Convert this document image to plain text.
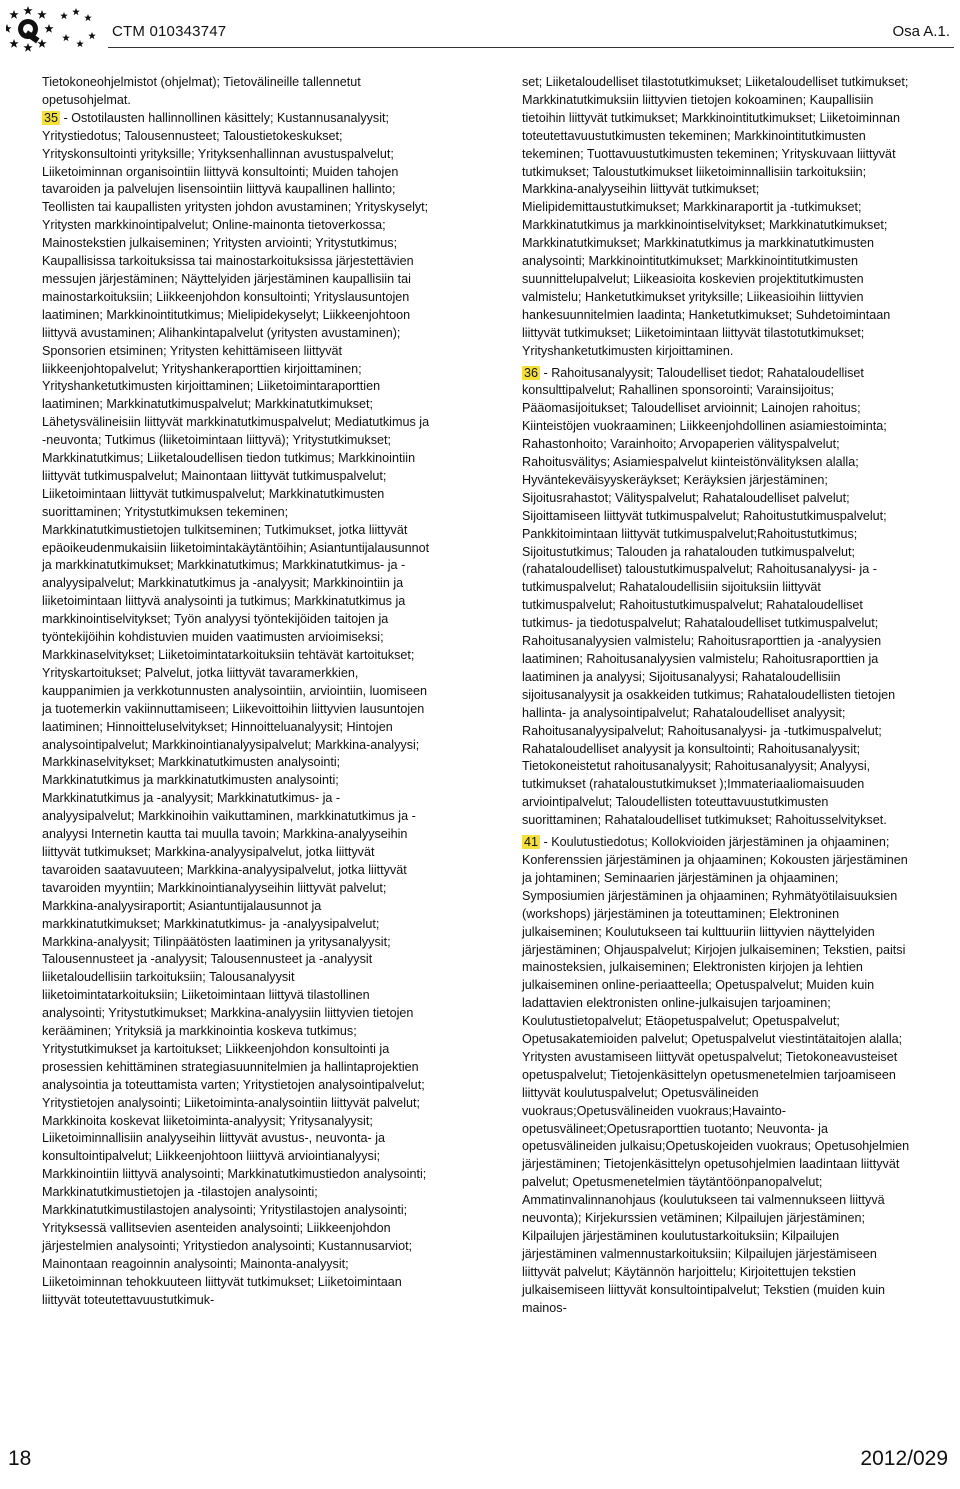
CTM 010343747	Osa A.1.

Tietokoneohjelmistot (ohjelmat); Tietovälineille tallennetut opetusohjelmat.

35 - Ostotilausten hallinnollinen käsittely; Kustannusanalyysit; Yritystiedotus; Talousennusteet; Taloustietokeskukset; Yrityskonsultointi yrityksille; Yrityksenhallinnan avustuspalvelut; Liiketoiminnan organisointiin liittyvä konsultointi; Muiden tahojen tavaroiden ja palvelujen lisensointiin liittyvä kaupallinen hallinto; Teollisten tai kaupallisten yritysten johdon avustaminen; Yrityskyselyt; Yritysten markkinointipalvelut; Online-mainonta tietoverkossa; Mainostekstien julkaiseminen; Yritysten arviointi; Yritystutkimus; Kaupallisissa tarkoituksissa tai mainostarkoituksissa järjestettävien messujen järjestäminen; Näyttelyiden järjestäminen kaupallisiin tai mainostarkoituksiin; Liikkeenjohdon konsultointi; Yrityslausuntojen laatiminen; Markkinointitutkimus; Mielipidekyselyt; Liikkeenjohtoon liittyvä avustaminen; Alihankintapalvelut (yritysten avustaminen); Sponsorien etsiminen; Yritysten kehittämiseen liittyvät liikkeenjohtopalvelut; Yrityshankeraporttien kirjoittaminen; Yrityshanketutkimusten kirjoittaminen; Liiketoimintaraporttien laatiminen; Markkinatutkimuspalvelut; Markkinatutkimukset; Lähetysvälineisiin liittyvät markkinatutkimuspalvelut; Mediatutkimus ja -neuvonta; Tutkimus (liiketoimintaan liittyvä); Yritystutkimukset; Markkinatutkimus; Liiketaloudellisen tiedon tutkimus; Markkinointiin liittyvät tutkimuspalvelut; Mainontaan liittyvät tutkimuspalvelut; Liiketoimintaan liittyvät tutkimuspalvelut; Markkinatutkimusten suorittaminen; Yritystutkimuksen tekeminen; Markkinatutkimustietojen tulkitseminen; Tutkimukset, jotka liittyvät epäoikeudenmukaisiin liiketoimintakäytäntöihin; Asiantuntijalausunnot ja markkinatutkimukset; Markkinatutkimus; Markkinatutkimus- ja -analyysipalvelut; Markkinatutkimus ja -analyysit; Markkinointiin ja liiketoimintaan liittyvä analysointi ja tutkimus; Markkinatutkimus ja markkinointiselvitykset; Työn analyysi työntekijöiden taitojen ja työntekijöihin kohdistuvien muiden vaatimusten arvioimiseksi; Markkinaselvitykset; Liiketoimintatarkoituksiin tehtävät kartoitukset; Yrityskartoitukset; Palvelut, jotka liittyvät tavaramerkkien, kauppanimien ja verkkotunnusten analysointiin, arviointiin, luomiseen ja tuotemerkin vakiinnuttamiseen; Liikevoittoihin liittyvien lausuntojen laatiminen; Hinnoitteluselvitykset; Hinnoitteluanalyysit; Hintojen analysointipalvelut; Markkinointianalyysipalvelut; Markkina-analyysi; Markkinaselvitykset; Markkinatutkimusten analysointi; Markkinatutkimus ja markkinatutkimusten analysointi; Markkinatutkimus ja -analyysit; Markkinatutkimus- ja -analyysipalvelut; Markkinoihin vaikuttaminen, markkinatutkimus ja -analyysi Internetin kautta tai muulla tavoin; Markkina-analyyseihin liittyvät tutkimukset; Markkina-analyysipalvelut, jotka liittyvät tavaroiden saatavuuteen; Markkina-analyysipalvelut, jotka liittyvät tavaroiden myyntiin; Markkinointianalyyseihin liittyvät palvelut; Markkina-analyysiraportit; Asiantuntijalausunnot ja markkinatutkimukset; Markkinatutkimus- ja -analyysipalvelut; Markkina-analyysit; Tilinpäätösten laatiminen ja yritysanalyysit; Talousennusteet ja -analyysit; Talousennusteet ja -analyysit liiketaloudellisiin tarkoituksiin; Talousanalyysit liiketoimintatarkoituksiin; Liiketoimintaan liittyvä tilastollinen analysointi; Yritystutkimukset; Markkina-analyysiin liittyvien tietojen kerääminen; Yrityksiä ja markkinointia koskeva tutkimus; Yritystutkimukset ja kartoitukset; Liikkeenjohdon konsultointi ja prosessien kehittäminen strategiasuunnitelmien ja hallintaprojektien analysointia ja toteuttamista varten; Yritystietojen analysointipalvelut; Yritystietojen analysointi; Liiketoiminta-analysointiin liittyvät palvelut; Markkinoita koskevat liiketoiminta-analyysit; Yritysanalyysit; Liiketoiminnallisiin analyyseihin liittyvät avustus-, neuvonta- ja konsultointipalvelut; Liikkeenjohtoon liiittyvä arviointianalyysi; Markkinointiin liittyvä analysointi; Markkinatutkimustiedon analysointi; Markkinatutkimustietojen ja -tilastojen analysointi; Markkinatutkimustilastojen analysointi; Yritystilastojen analysointi; Yrityksessä vallitsevien asenteiden analysointi; Liikkeenjohdon järjestelmien analysointi; Yritystiedon analysointi; Kustannusarviot; Mainontaan reagoinnin analysointi; Mainonta-analyysit; Liiketoiminnan tehokkuuteen liittyvät tutkimukset; Liiketoimintaan liittyvät toteutettavuustutkimuk-

set; Liiketaloudelliset tilastotutkimukset; Liiketaloudelliset tutkimukset; Markkinatutkimuksiin liittyvien tietojen kokoaminen; Kaupallisiin tietoihin liittyvät tutkimukset; Markkinointitutkimukset; Liiketoiminnan toteutettavuustutkimusten tekeminen; Markkinointitutkimusten tekeminen; Tuottavuustutkimusten tekeminen; Yrityskuvaan liittyvät tutkimukset; Taloustutkimukset liiketoiminnallisiin tarkoituksiin; Markkina-analyyseihin liittyvät tutkimukset; Mielipidemittaustutkimukset; Markkinaraportit ja -tutkimukset; Markkinatutkimus ja markkinointiselvitykset; Markkinatutkimukset; Markkinatutkimukset; Markkinatutkimus ja markkinatutkimusten analysointi; Markkinointitutkimukset; Markkinointitutkimusten suunnittelupalvelut; Liikeasioita koskevien projektitutkimusten valmistelu; Hanketutkimukset yrityksille; Liikeasioihin liittyvien hankesuunnitelmien laadinta; Hanketutkimukset; Suhdetoimintaan liittyvät tutkimukset; Liiketoimintaan liittyvät tilastotutkimukset; Yrityshanketutkimusten kirjoittaminen.

36 - Rahoitusanalyysit; Taloudelliset tiedot; Rahataloudelliset konsulttipalvelut; Rahallinen sponsorointi; Varainsijoitus; Pääomasijoitukset; Taloudelliset arvioinnit; Lainojen rahoitus; Kiinteistöjen vuokraaminen; Liikkeenjohdollinen asiamiestoiminta; Rahastonhoito; Varainhoito; Arvopaperien välityspalvelut; Rahoitusvälitys; Asiamiespalvelut kiinteistönvälityksen alalla; Hyväntekeväisyyskeräykset; Keräyksien järjestäminen; Sijoitusrahastot; Välityspalvelut; Rahataloudelliset palvelut; Sijoittamiseen liittyvät tutkimuspalvelut; Rahoitustutkimuspalvelut; Pankkitoimintaan liittyvät tutkimuspalvelut;Rahoitustutkimus; Sijoitustutkimus; Talouden ja rahatalouden tutkimuspalvelut; (rahataloudelliset) taloustutkimuspalvelut; Rahoitusanalyysi- ja -tutkimuspalvelut; Rahataloudellisiin sijoituksiin liittyvät tutkimuspalvelut; Rahoitustutkimuspalvelut; Rahataloudelliset tutkimus- ja tiedotuspalvelut; Rahataloudelliset tutkimuspalvelut; Rahoitusanalyysien valmistelu; Rahoitusraporttien ja -analyysien laatiminen; Rahoitusanalyysien valmistelu; Rahoitusraporttien ja laatiminen ja analyysi; Sijoitusanalyysi; Rahataloudellisiin sijoitusanalyysit ja osakkeiden tutkimus; Rahataloudellisten tietojen hallinta- ja analysointipalvelut; Rahataloudelliset analyysit; Rahoitusanalyysipalvelut; Rahoitusanalyysi- ja -tutkimuspalvelut; Rahataloudelliset analyysit ja konsultointi; Rahoitusanalyysit; Tietokoneistetut rahoitusanalyysit; Rahoitusanalyysit; Analyysi, tutkimukset (rahataloustutkimukset );Immateriaaliomaisuuden arviointipalvelut; Taloudellisten toteuttavuustutkimusten suorittaminen; Rahataloudelliset tutkimukset; Rahoitusselvitykset.

41 - Koulutustiedotus; Kollokvioiden järjestäminen ja ohjaaminen; Konferenssien järjestäminen ja ohjaaminen; Kokousten järjestäminen ja johtaminen; Seminaarien järjestäminen ja ohjaaminen; Symposiumien järjestäminen ja ohjaaminen; Ryhmätyötilaisuuksien (workshops) järjestäminen ja toteuttaminen; Elektroninen julkaiseminen; Koulutukseen tai kulttuuriin liittyvien näyttelyiden järjestäminen; Ohjauspalvelut; Kirjojen julkaiseminen; Tekstien, paitsi mainosteksien, julkaiseminen; Elektronisten kirjojen ja lehtien julkaiseminen online-periaatteella; Opetuspalvelut; Muiden kuin ladattavien elektronisten online-julkaisujen tarjoaminen; Koulutustietopalvelut; Etäopetuspalvelut; Opetuspalvelut; Opetusakatemioiden palvelut; Opetuspalvelut viestintätaitojen alalla; Yritysten avustamiseen liittyvät opetuspalvelut; Tietokoneavusteiset opetuspalvelut; Tietojenkäsittelyn opetusmenetelmien tarjoamiseen liittyvät koulutuspalvelut; Opetusvälineiden vuokraus;Opetusvälineiden vuokraus;Havainto-opetusvälineet;Opetusraporttien tuotanto; Neuvonta- ja opetusvälineiden julkaisu;Opetuskojeiden vuokraus; Opetusohjelmien järjestäminen; Tietojenkäsittelyn opetusohjelmien laadintaan liittyvät palvelut; Opetusmenetelmien täytäntöönpanopalvelut; Ammatinvalinnanohjaus (koulutukseen tai valmennukseen liittyvä neuvonta); Kirjekurssien vetäminen; Kilpailujen järjestäminen; Kilpailujen järjestäminen koulutustarkoituksiin; Kilpailujen järjestäminen valmennustarkoituksiin; Kilpailujen järjestämiseen liittyvät palvelut; Käytännön harjoittelu; Kirjoitettujen tekstien julkaisemiseen liittyvät konsultointipalvelut; Tekstien (muiden kuin mainos-

18	2012/029
